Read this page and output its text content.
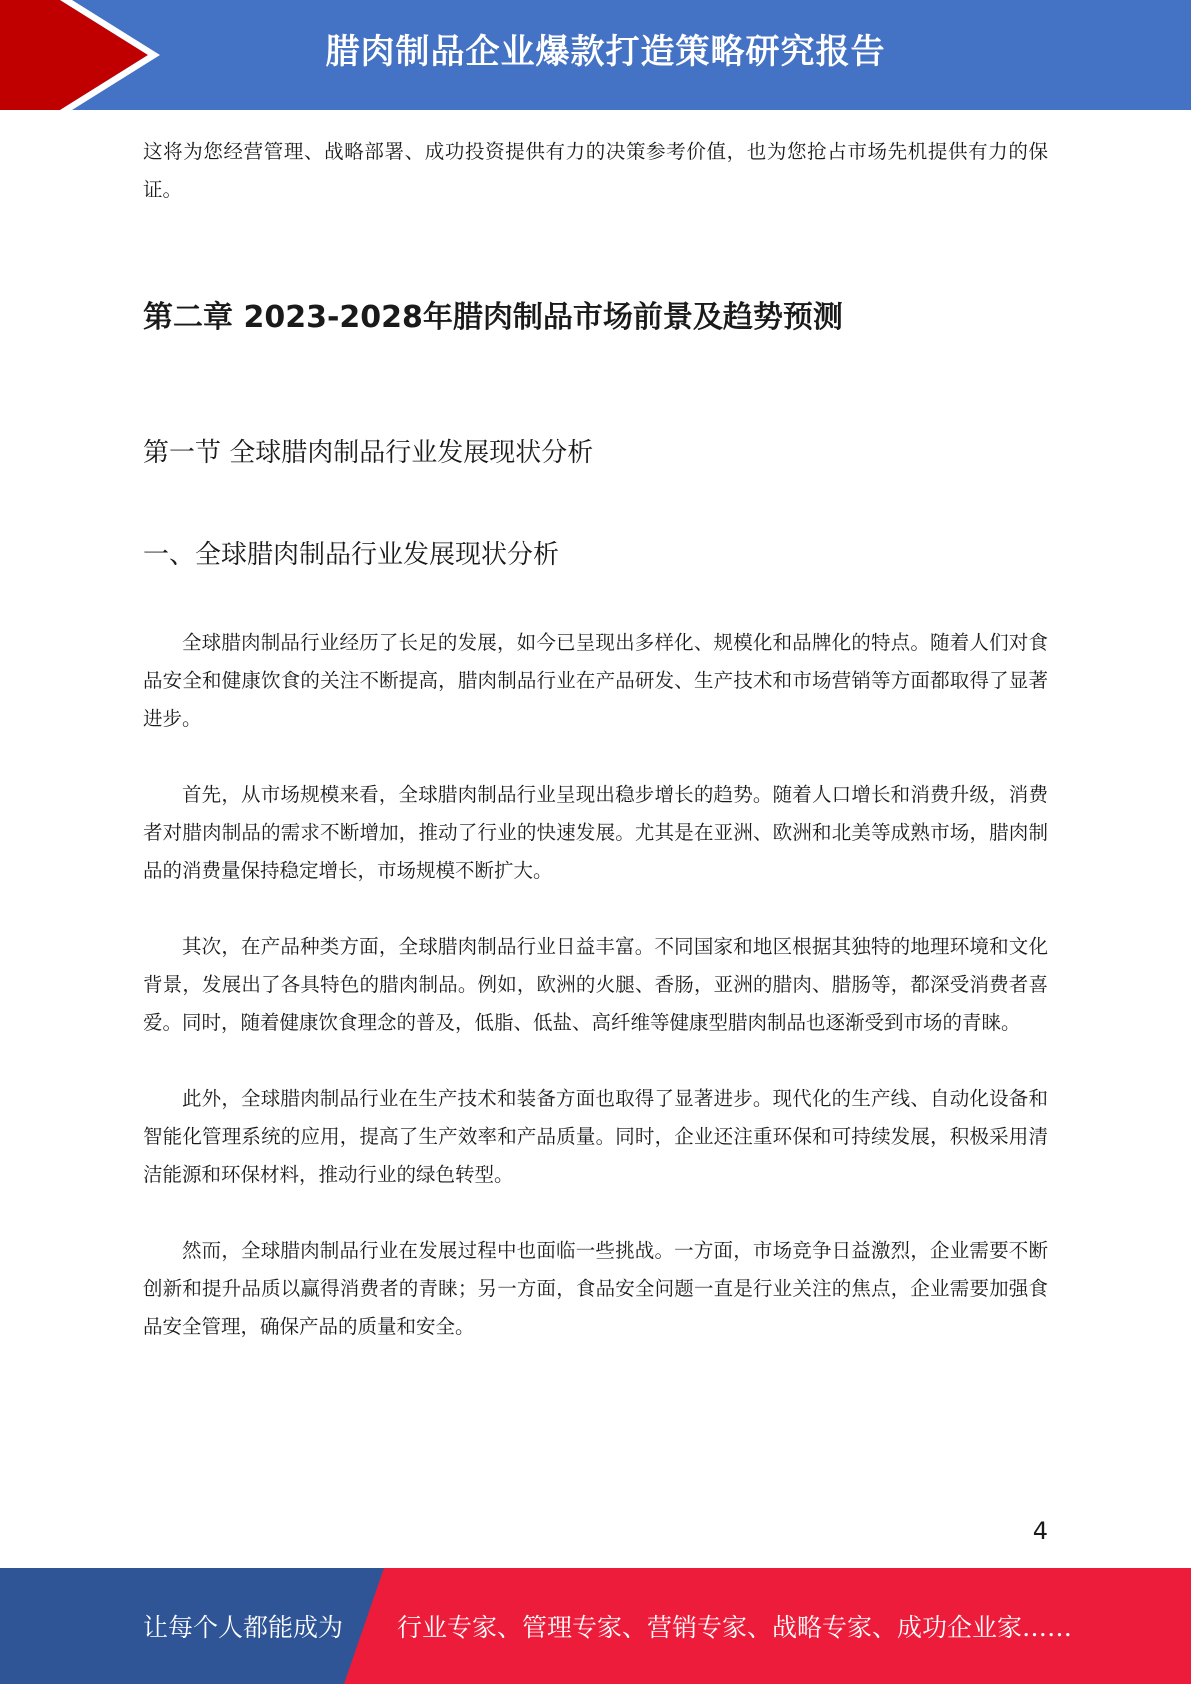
腊肉制品企业爆款打造策略研究报告

这将为您经营管理、战略部署、成功投资提供有力的决策参考价值，也为您抢占市场先机提供有力的保证。

第二章 2023-2028年腊肉制品市场前景及趋势预测
第一节 全球腊肉制品行业发展现状分析
一、全球腊肉制品行业发展现状分析

全球腊肉制品行业经历了长足的发展，如今已呈现出多样化、规模化和品牌化的特点。随着人们对食品安全和健康饮食的关注不断提高，腊肉制品行业在产品研发、生产技术和市场营销等方面都取得了显著进步。

首先，从市场规模来看，全球腊肉制品行业呈现出稳步增长的趋势。随着人口增长和消费升级，消费者对腊肉制品的需求不断增加，推动了行业的快速发展。尤其是在亚洲、欧洲和北美等成熟市场，腊肉制品的消费量保持稳定增长，市场规模不断扩大。

其次，在产品种类方面，全球腊肉制品行业日益丰富。不同国家和地区根据其独特的地理环境和文化背景，发展出了各具特色的腊肉制品。例如，欧洲的火腿、香肠，亚洲的腊肉、腊肠等，都深受消费者喜爱。同时，随着健康饮食理念的普及，低脂、低盐、高纤维等健康型腊肉制品也逐渐受到市场的青睐。

此外，全球腊肉制品行业在生产技术和装备方面也取得了显著进步。现代化的生产线、自动化设备和智能化管理系统的应用，提高了生产效率和产品质量。同时，企业还注重环保和可持续发展，积极采用清洁能源和环保材料，推动行业的绿色转型。

然而，全球腊肉制品行业在发展过程中也面临一些挑战。一方面，市场竞争日益激烈，企业需要不断创新和提升品质以赢得消费者的青睐；另一方面，食品安全问题一直是行业关注的焦点，企业需要加强食品安全管理，确保产品的质量和安全。

4
让每个人都能成为 行业专家、管理专家、营销专家、战略专家、成功企业家……
